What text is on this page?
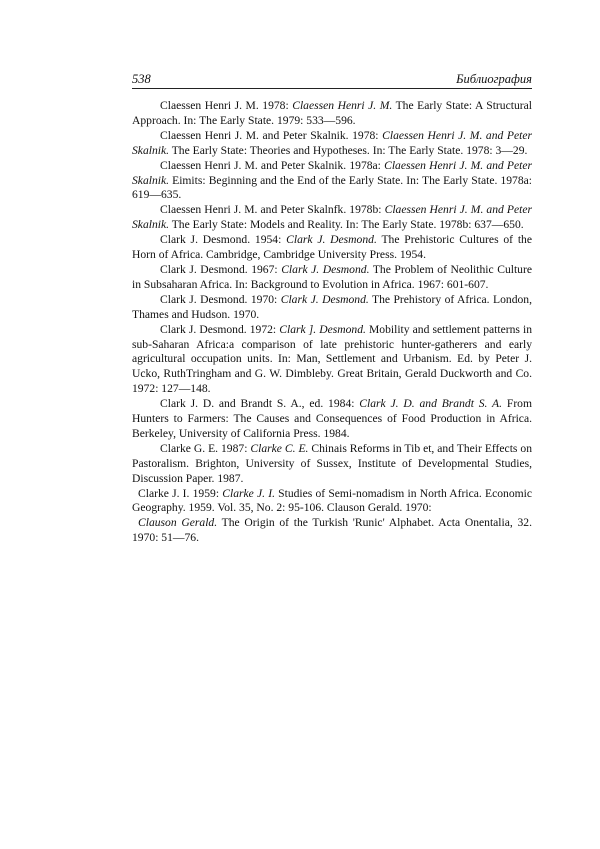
538	Библиография

Claessen Henri J. M. 1978: Claessen Henri J. M. The Early State: A Structural Approach. In: The Early State. 1979: 533—596.

Claessen Henri J. M. and Peter Skalnik. 1978: Claessen Henri J. M. and Peter Skalnik. The Early State: Theories and Hypotheses. In: The Early State. 1978: 3—29.

Claessen Henri J. M. and Peter Skalnik. 1978a: Claessen Henri J. M. and Peter Skalnik. Eimits: Beginning and the End of the Early State. In: The Early State. 1978a: 619—635.

Claessen Henri J. M. and Peter Skalnfk. 1978b: Claessen Henri J. M. and Peter Skalnik. The Early State: Models and Reality. In: The Early State. 1978b: 637—650.

Clark J. Desmond. 1954: Clark J. Desmond. The Prehistoric Cultures of the Horn of Africa. Cambridge, Cambridge University Press. 1954.

Clark J. Desmond. 1967: Clark J. Desmond. The Problem of Neolithic Culture in Subsaharan Africa. In: Background to Evolution in Africa. 1967: 601-607.

Clark J. Desmond. 1970: Clark J. Desmond. The Prehistory of Africa. London, Thames and Hudson. 1970.

Clark J. Desmond. 1972: Clark ]. Desmond. Mobility and settlement patterns in sub-Saharan Africa:a comparison of late prehistoric hunter-gatherers and early agricultural occupation units. In: Man, Settlement and Urbanism. Ed. by Peter J. Ucko, RuthTringham and G. W. Dimbleby. Great Britain, Gerald Duckworth and Co. 1972: 127—148.

Clark J. D. and Brandt S. A., ed. 1984: Clark J. D. and Brandt S. A. From Hunters to Farmers: The Causes and Consequences of Food Production in Africa. Berkeley, University of California Press. 1984.

Clarke G. E. 1987: Clarke C. E. Chinais Reforms in Tib et, and Their Effects on Pastoralism. Brighton, University of Sussex, Institute of Developmental Studies, Discussion Paper. 1987.

Clarke J. I. 1959: Clarke J. I. Studies of Semi-nomadism in North Africa. Economic Geography. 1959. Vol. 35, No. 2: 95-106. Clauson Gerald. 1970:

Clauson Gerald. The Origin of the Turkish 'Runic' Alphabet. Acta Onentalia, 32. 1970: 51—76.
